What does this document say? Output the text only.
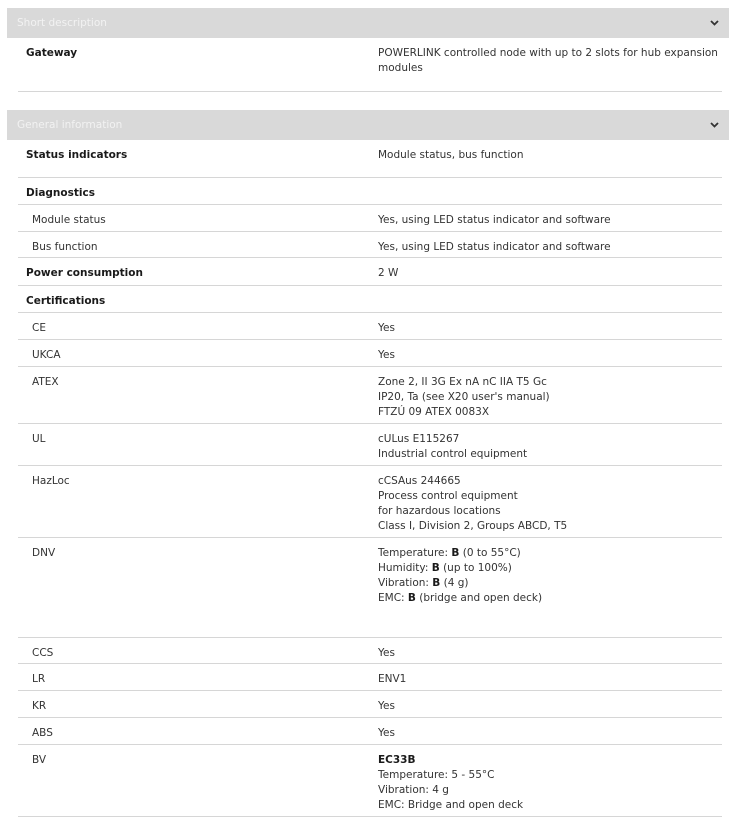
Short description
Gateway	POWERLINK controlled node with up to 2 slots for hub expansion modules
General information
Status indicators	Module status, bus function
Diagnostics
Module status	Yes, using LED status indicator and software
Bus function	Yes, using LED status indicator and software
Power consumption	2 W
Certifications
CE	Yes
UKCA	Yes
ATEX	Zone 2, II 3G Ex nA nC IIA T5 Gc
IP20, Ta (see X20 user's manual)
FTZÚ 09 ATEX 0083X
UL	cULus E115267
Industrial control equipment
HazLoc	cCSAus 244665
Process control equipment
for hazardous locations
Class I, Division 2, Groups ABCD, T5
DNV	Temperature: B (0 to 55°C)
Humidity: B (up to 100%)
Vibration: B (4 g)
EMC: B (bridge and open deck)
CCS	Yes
LR	ENV1
KR	Yes
ABS	Yes
BV	EC33B
Temperature: 5 - 55°C
Vibration: 4 g
EMC: Bridge and open deck
